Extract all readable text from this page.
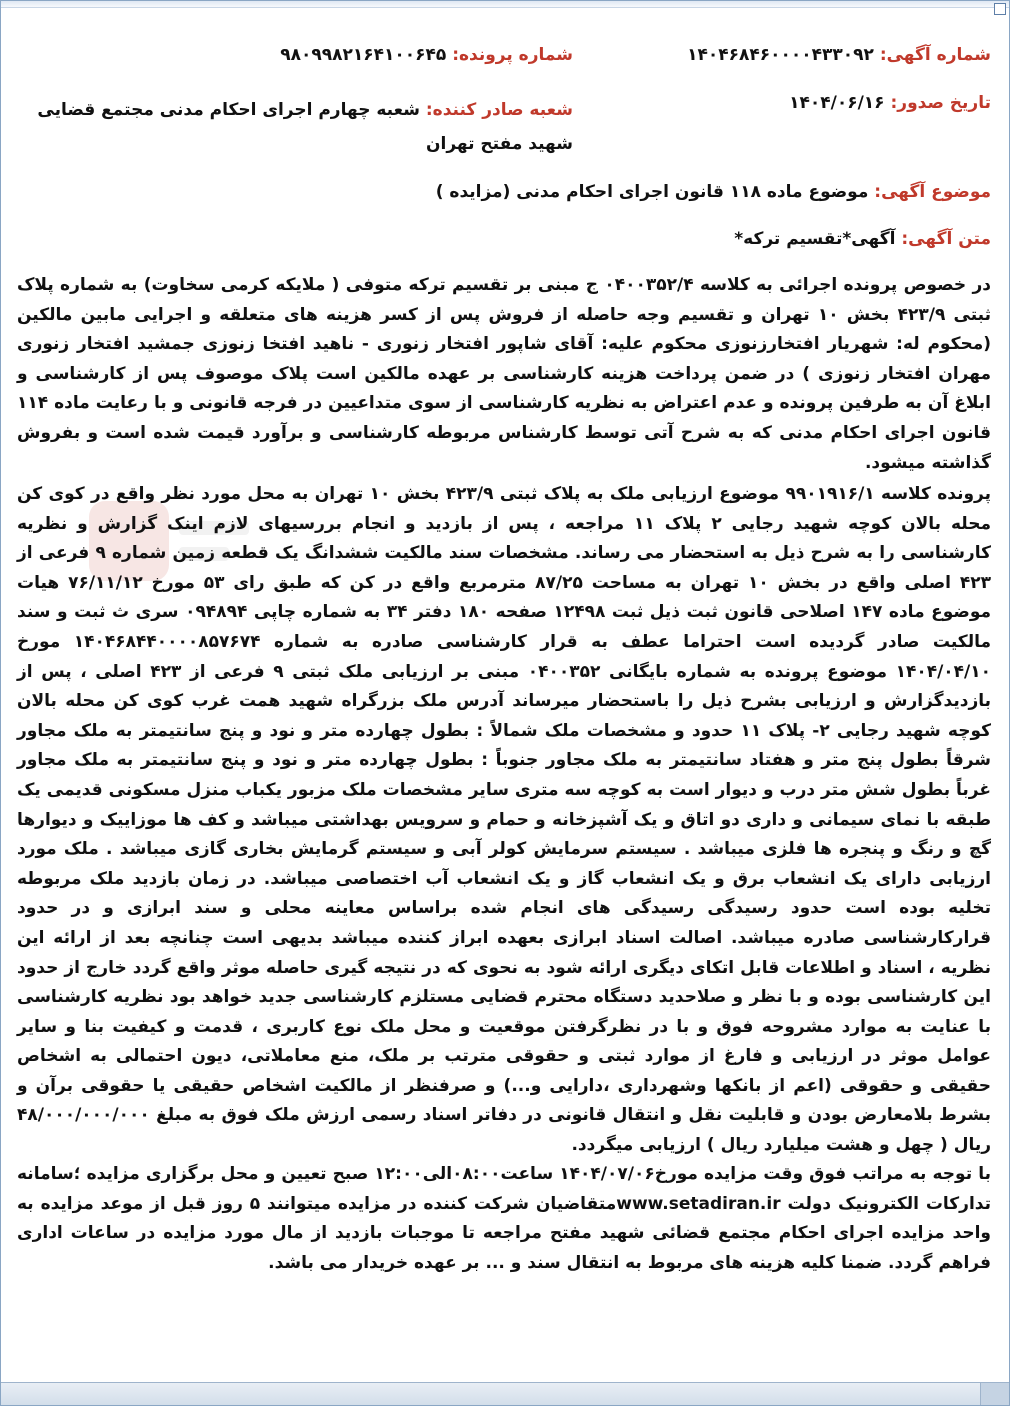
شماره آگهی: ۱۴۰۴۶۸۴۶۰۰۰۰۴۳۳۰۹۲
شماره پرونده: ۹۸۰۹۹۸۲۱۶۴۱۰۰۶۴۵
تاریخ صدور: ۱۴۰۴/۰۶/۱۶
شعبه صادر کننده: شعبه چهارم اجرای احکام مدنی مجتمع قضایی شهید مفتح تهران
موضوع آگهی: موضوع ماده ۱۱۸ قانون اجرای احکام مدنی (مزایده )
متن آگهی: آگهی*تقسیم ترکه*
در خصوص پرونده اجرائی به کلاسه ۰۴۰۰۳۵۲/۴ ج مبنی بر تقسیم ترکه متوفی ( ملایکه کرمی سخاوت) به شماره پلاک ثبتی ۴۲۳/۹ بخش ۱۰ تهران و تقسیم وجه حاصله از فروش پس از کسر هزینه های متعلقه و اجرایی مابین مالکین (محکوم له: شهریار افتخارزنوزی محکوم علیه: آقای شاپور افتخار زنوری - ناهید افتخا زنوزی جمشید افتخار زنوری مهران افتخار زنوزی ) در ضمن پرداخت هزینه کارشناسی بر عهده مالکین است پلاک موصوف پس از کارشناسی و ابلاغ آن به طرفین پرونده و عدم اعتراض به نظریه کارشناسی از سوی متداعیین در فرجه قانونی و با رعایت ماده ۱۱۴ قانون اجرای احکام مدنی که به شرح آتی توسط کارشناس مربوطه کارشناسی و برآورد قیمت شده است و بفروش گذاشته میشود.
پرونده کلاسه ۹۹۰۱۹۱۶/۱ موضوع ارزیابی ملک به پلاک ثبتی ۴۲۳/۹ بخش ۱۰ تهران به محل مورد نظر واقع در کوی کن محله بالان کوچه شهید رجایی ۲ پلاک ۱۱ مراجعه ، پس از بازدید و انجام بررسیهای لازم اینک گزارش و نظریه کارشناسی را به شرح ذیل به استحضار می رساند. مشخصات سند مالکیت ششدانگ یک قطعه زمین شماره ۹ فرعی از ۴۲۳ اصلی واقع در بخش ۱۰ تهران به مساحت ۸۷/۲۵ مترمربع واقع در کن که طبق رای ۵۳ مورخ ۷۶/۱۱/۱۲ هیات موضوع ماده ۱۴۷ اصلاحی قانون ثبت ذیل ثبت ۱۲۴۹۸ صفحه ۱۸۰ دفتر ۳۴ به شماره چاپی ۰۹۴۸۹۴ سری ث ثبت و سند مالکیت صادر گردیده است احتراما عطف به قرار کارشناسی صادره به شماره ۱۴۰۴۶۸۴۴۰۰۰۰۸۵۷۶۷۴ مورخ ۱۴۰۴/۰۴/۱۰ موضوع پرونده به شماره بایگانی ۰۴۰۰۳۵۲ مبنی بر ارزیابی ملک ثبتی ۹ فرعی از ۴۲۳ اصلی ، پس از بازدیدگزارش و ارزیابی بشرح ذیل را باستحضار میرساند آدرس ملک بزرگراه شهید همت غرب کوی کن محله بالان کوچه شهید رجایی ۲- پلاک ۱۱ حدود و مشخصات ملک شمالاً : بطول چهارده متر و نود و پنج سانتیمتر به ملک مجاور شرقاً بطول پنج متر و هفتاد سانتیمتر به ملک مجاور جنوباً : بطول چهارده متر و نود و پنج سانتیمتر به ملک مجاور غرباً بطول شش متر درب و دیوار است به کوچه سه متری سایر مشخصات ملک مزبور یکباب منزل مسکونی قدیمی یک طبقه با نمای سیمانی و داری دو اتاق و یک آشپزخانه و حمام و سرویس بهداشتی میباشد و کف ها موزاییک و دیوارها گچ و رنگ و پنجره ها فلزی میباشد . سیستم سرمایش کولر آبی و سیستم گرمایش بخاری گازی میباشد . ملک مورد ارزیابی دارای یک انشعاب برق و یک انشعاب گاز و یک انشعاب آب اختصاصی میباشد. در زمان بازدید ملک مربوطه تخلیه بوده است حدود رسیدگی رسیدگی های انجام شده براساس معاینه محلی و سند ابرازی و در حدود قرارکارشناسی صادره میباشد. اصالت اسناد ابرازی بعهده ابراز کننده میباشد بدیهی است چنانچه بعد از ارائه این نظریه ، اسناد و اطلاعات قابل اتکای دیگری ارائه شود به نحوی که در نتیجه گیری حاصله موثر واقع گردد خارج از حدود این کارشناسی بوده و با نظر و صلاحدید دستگاه محترم قضایی مستلزم کارشناسی جدید خواهد بود نظریه کارشناسی با عنایت به موارد مشروحه فوق و با در نظرگرفتن موقعیت و محل ملک نوع کاربری ، قدمت و کیفیت بنا و سایر عوامل موثر در ارزیابی و فارغ از موارد ثبتی و حقوقی مترتب بر ملک، منع معاملاتی، دیون احتمالی به اشخاص حقیقی و حقوقی (اعم از بانکها وشهرداری ،دارایی و...) و صرفنظر از مالکیت اشخاص حقیقی یا حقوقی برآن و بشرط بلامعارض بودن و قابلیت نقل و انتقال قانونی در دفاتر اسناد رسمی ارزش ملک فوق به مبلغ ۴۸/۰۰۰/۰۰۰/۰۰۰ ریال ( چهل و هشت میلیارد ریال ) ارزیابی میگردد.
با توجه به مراتب فوق وقت مزایده مورخ۱۴۰۴/۰۷/۰۶ ساعت۰۸:۰۰الی۱۲:۰۰ صبح تعیین و محل برگزاری مزایده ؛سامانه تدارکات الکترونیک دولت www.setadiran.irمتقاضیان شرکت کننده در مزایده میتوانند ۵ روز قبل از موعد مزایده به واحد مزایده اجرای احکام مجتمع قضائی شهید مفتح مراجعه تا موجبات بازدید از مال مورد مزایده در ساعات اداری فراهم گردد. ضمنا کلیه هزینه های مربوط به انتقال سند و ... بر عهده خریدار می باشد.
